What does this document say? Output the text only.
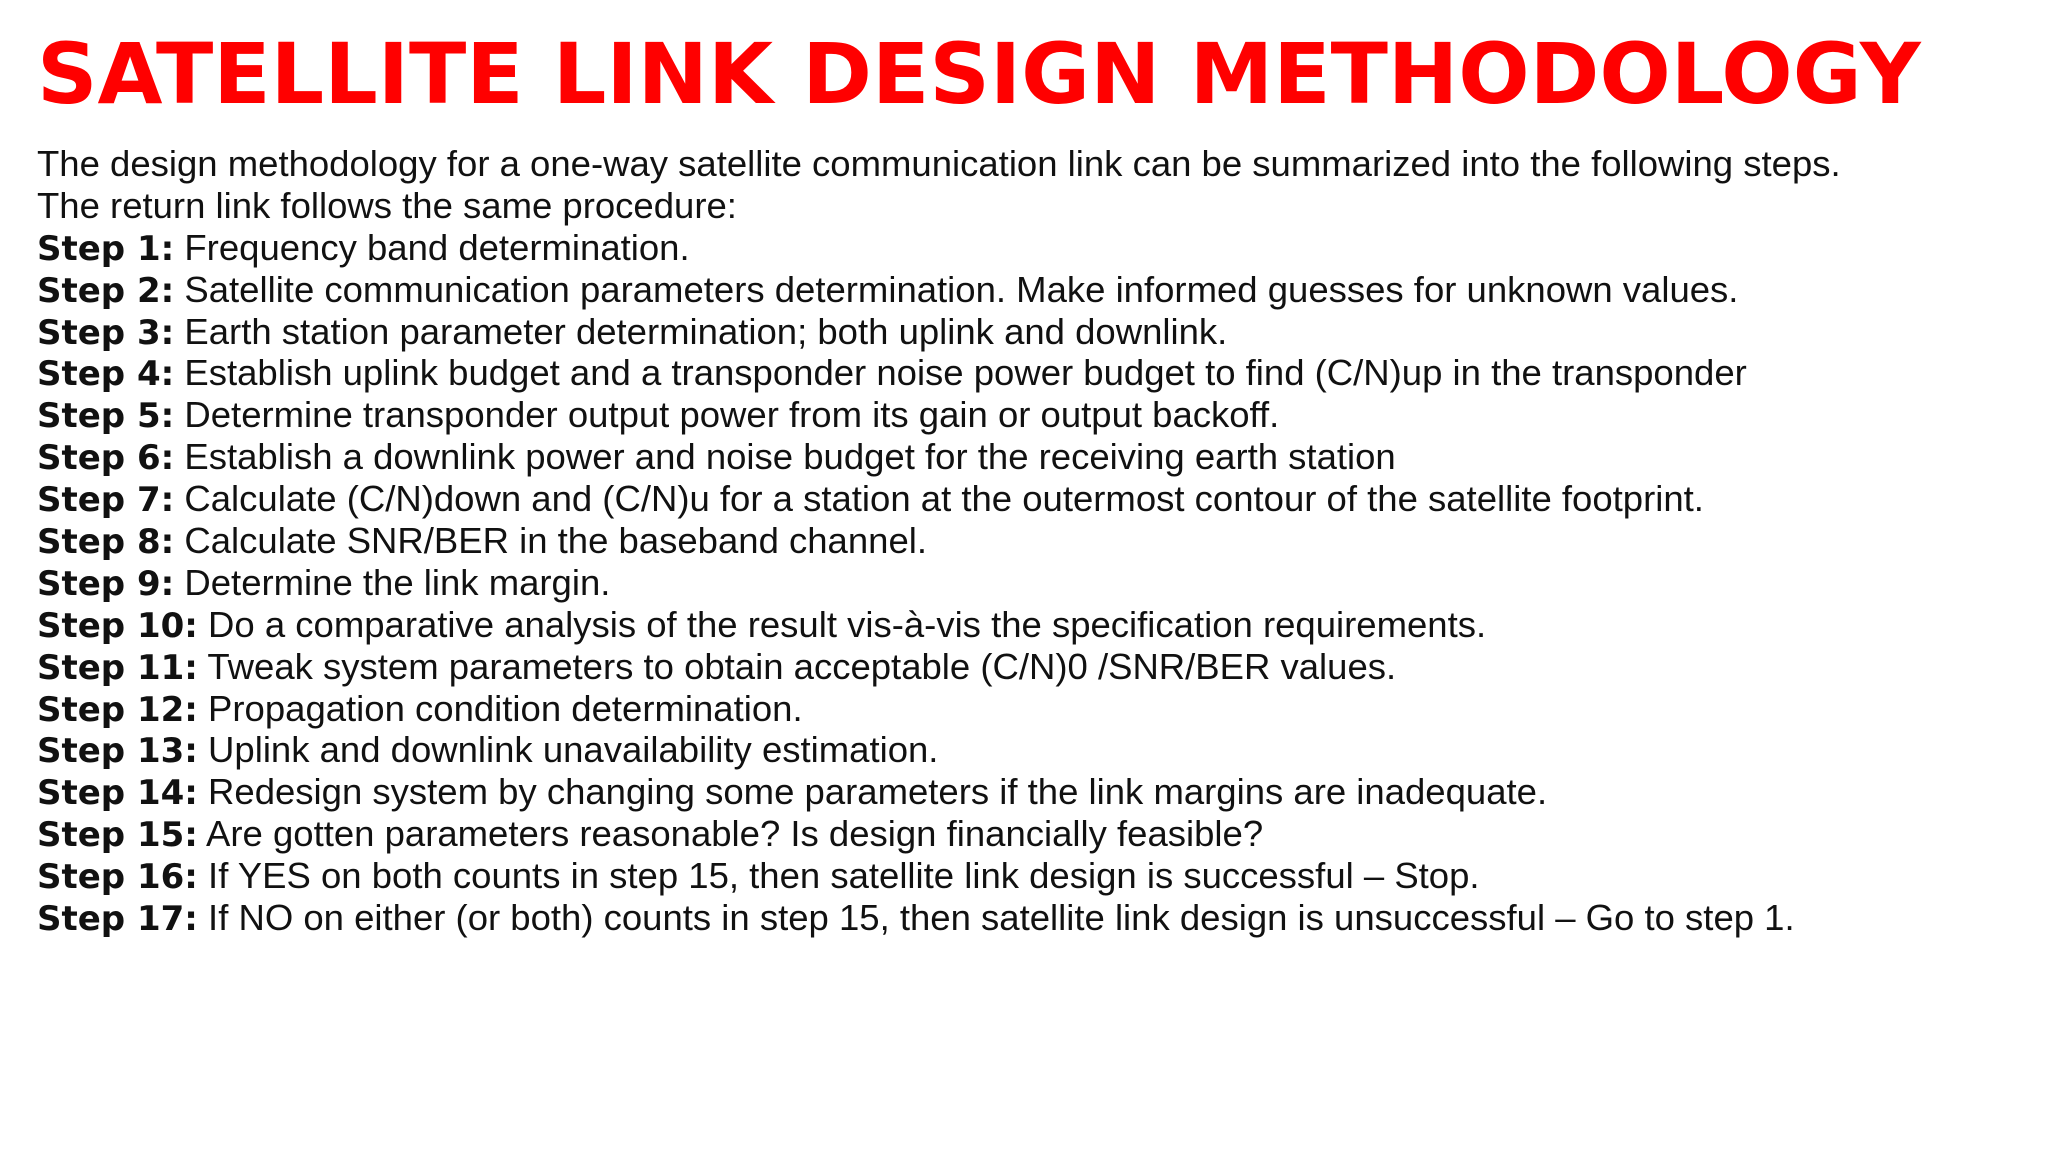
SATELLITE LINK DESIGN METHODOLOGY
The design methodology for a one-way satellite communication link can be summarized into the following steps.
The return link follows the same procedure:
Step 1: Frequency band determination.
Step 2: Satellite communication parameters determination. Make informed guesses for unknown values.
Step 3: Earth station parameter determination; both uplink and downlink.
Step 4: Establish uplink budget and a transponder noise power budget to find (C/N)up in the transponder
Step 5: Determine transponder output power from its gain or output backoff.
Step 6: Establish a downlink power and noise budget for the receiving earth station
Step 7: Calculate (C/N)down and (C/N)u for a station at the outermost contour of the satellite footprint.
Step 8: Calculate SNR/BER in the baseband channel.
Step 9: Determine the link margin.
Step 10: Do a comparative analysis of the result vis-à-vis the specification requirements.
Step 11: Tweak system parameters to obtain acceptable (C/N)0 /SNR/BER values.
Step 12: Propagation condition determination.
Step 13: Uplink and downlink unavailability estimation.
Step 14: Redesign system by changing some parameters if the link margins are inadequate.
Step 15: Are gotten parameters reasonable? Is design financially feasible?
Step 16: If YES on both counts in step 15, then satellite link design is successful – Stop.
Step 17: If NO on either (or both) counts in step 15, then satellite link design is unsuccessful – Go to step 1.
